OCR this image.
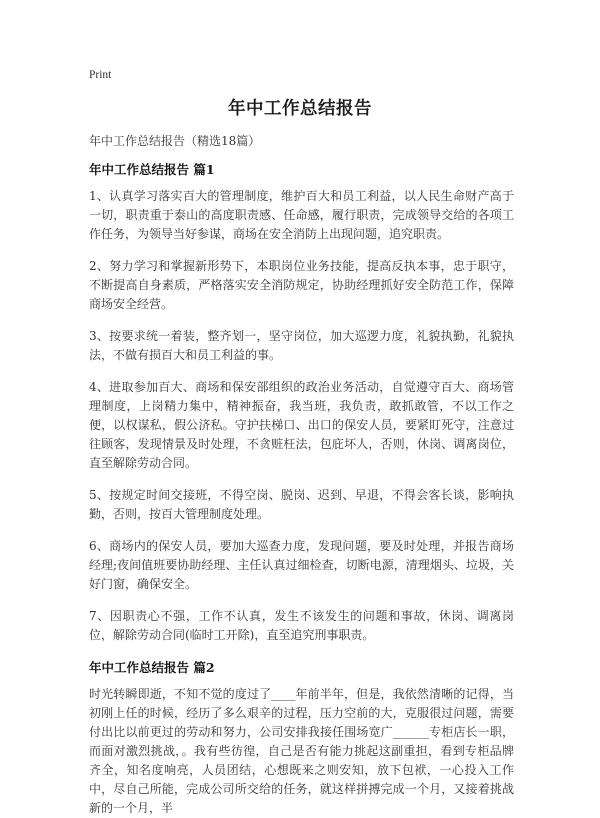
Print
年中工作总结报告
年中工作总结报告（精选18篇）
年中工作总结报告 篇1

1、认真学习落实百大的管理制度，维护百大和员工利益，以人民生命财产高于一切，职责重于泰山的高度职责感、任命感，履行职责，完成领导交给的各项工作任务，为领导当好参谋，商场在安全消防上出现问题，追究职责。

2、努力学习和掌握新形势下，本职岗位业务技能，提高反执本事，忠于职守，不断提高自身素质，严格落实安全消防规定，协助经理抓好安全防范工作，保障商场安全经营。

3、按要求统一着装，整齐划一，坚守岗位，加大巡逻力度，礼貌执勤，礼貌执法，不做有损百大和员工利益的事。

4、进取参加百大、商场和保安部组织的政治业务活动，自觉遵守百大、商场管理制度，上岗精力集中，精神振奋，我当班，我负责，敢抓敢管，不以工作之便，以权谋私，假公济私。守护扶梯口、出口的保安人员，要紧盯死守，注意过往顾客，发现情景及时处理，不贪赃枉法，包庇坏人，否则，休岗、调离岗位，直至解除劳动合同。

5、按规定时间交接班，不得空岗、脱岗、迟到、早退，不得会客长谈，影响执勤，否则，按百大管理制度处理。

6、商场内的保安人员，要加大巡查力度，发现问题，要及时处理，并报告商场经理;夜间值班要协助经理、主任认真过细检查，切断电源，清理烟头、垃圾，关好门窗，确保安全。

7、因职责心不强，工作不认真，发生不该发生的问题和事故，休岗、调离岗位，解除劳动合同(临时工开除)，直至追究刑事职责。

年中工作总结报告 篇2

时光转瞬即逝，不知不觉的度过了____年前半年，但是，我依然清晰的记得，当初刚上任的时候，经历了多么艰辛的过程，压力空前的大，克服很过问题，需要付出比以前更过的劳动和努力，公司安排我接任围场宽广______专柜店长一职，而面对激烈挑战，。我有些彷徨，自己是否有能力挑起这副重担，看到专柜品牌齐全，知名度响亮，人员团结，心想既来之则安知，放下包袱，一心投入工作中，尽自己所能，完成公司所交给的任务，就这样拼搏完成一个月，又接着挑战新的一个月，半
